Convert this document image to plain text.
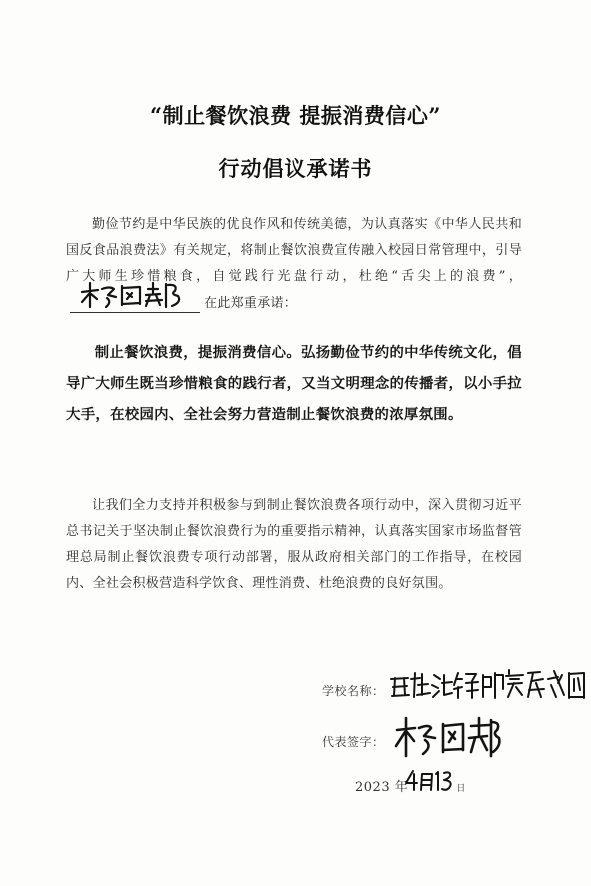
“制止餐饮浪费 提振消费信心”
行动倡议承诺书
勤俭节约是中华民族的优良作风和传统美德，为认真落实《中华人民共和国反食品浪费法》有关规定，将制止餐饮浪费宣传融入校园日常管理中，引导广大师生珍惜粮食，自觉践行光盘行动，杜绝“舌尖上的浪费”，
在此郑重承诺：
制止餐饮浪费，提振消费信心。弘扬勤俭节约的中华传统文化，倡导广大师生既当珍惜粮食的践行者，又当文明理念的传播者，以小手拉大手，在校园内、全社会努力营造制止餐饮浪费的浓厚氛围。
让我们全力支持并积极参与到制止餐饮浪费各项行动中，深入贯彻习近平总书记关于坚决制止餐饮浪费行为的重要指示精神，认真落实国家市场监督管理总局制止餐饮浪费专项行动部署，服从政府相关部门的工作指导，在校园内、全社会积极营造科学饮食、理性消费、杜绝浪费的良好氛围。
学校名称：
代表签字：
2023 年	日
